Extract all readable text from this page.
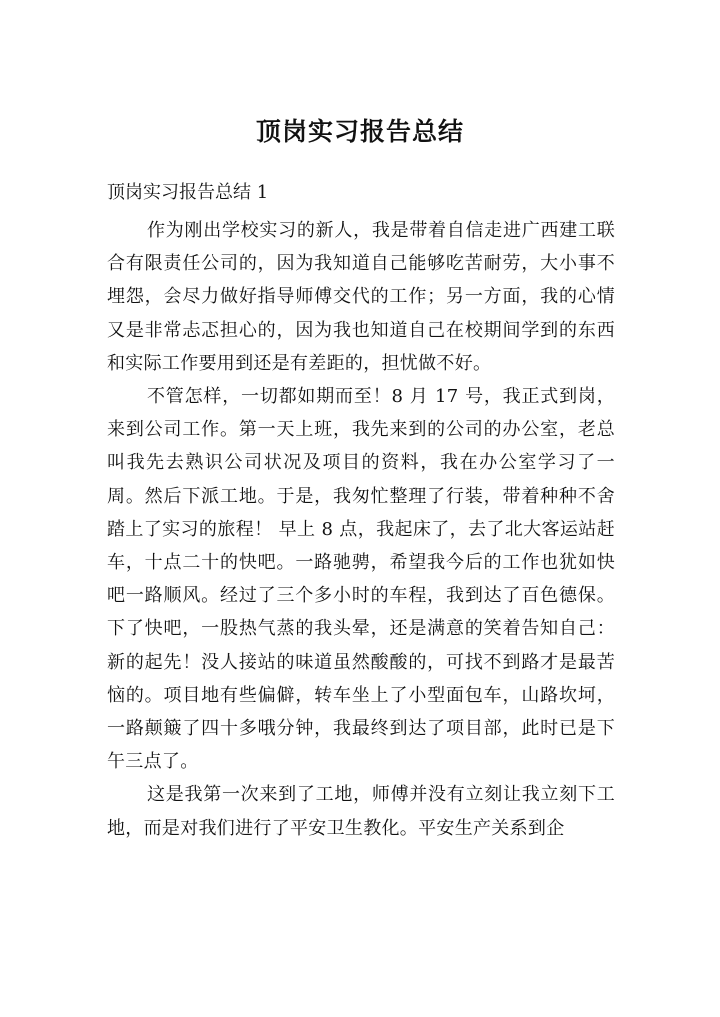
顶岗实习报告总结
顶岗实习报告总结 1

作为刚出学校实习的新人，我是带着自信走进广西建工联合有限责任公司的，因为我知道自己能够吃苦耐劳，大小事不埋怨，会尽力做好指导师傅交代的工作；另一方面，我的心情又是非常忐忑担心的，因为我也知道自己在校期间学到的东西和实际工作要用到还是有差距的，担忧做不好。

不管怎样，一切都如期而至！8 月 17 号，我正式到岗，来到公司工作。第一天上班，我先来到的公司的办公室，老总叫我先去熟识公司状况及项目的资料，我在办公室学习了一周。然后下派工地。于是，我匆忙整理了行装，带着种种不舍踏上了实习的旅程！ 早上 8 点，我起床了，去了北大客运站赶车，十点二十的快吧。一路驰骋，希望我今后的工作也犹如快吧一路顺风。经过了三个多小时的车程，我到达了百色德保。下了快吧，一股热气蒸的我头晕，还是满意的笑着告知自己：新的起先！没人接站的味道虽然酸酸的，可找不到路才是最苦恼的。项目地有些偏僻，转车坐上了小型面包车，山路坎坷，一路颠簸了四十多哦分钟，我最终到达了项目部，此时已是下午三点了。

这是我第一次来到了工地，师傅并没有立刻让我立刻下工地，而是对我们进行了平安卫生教化。平安生产关系到企
